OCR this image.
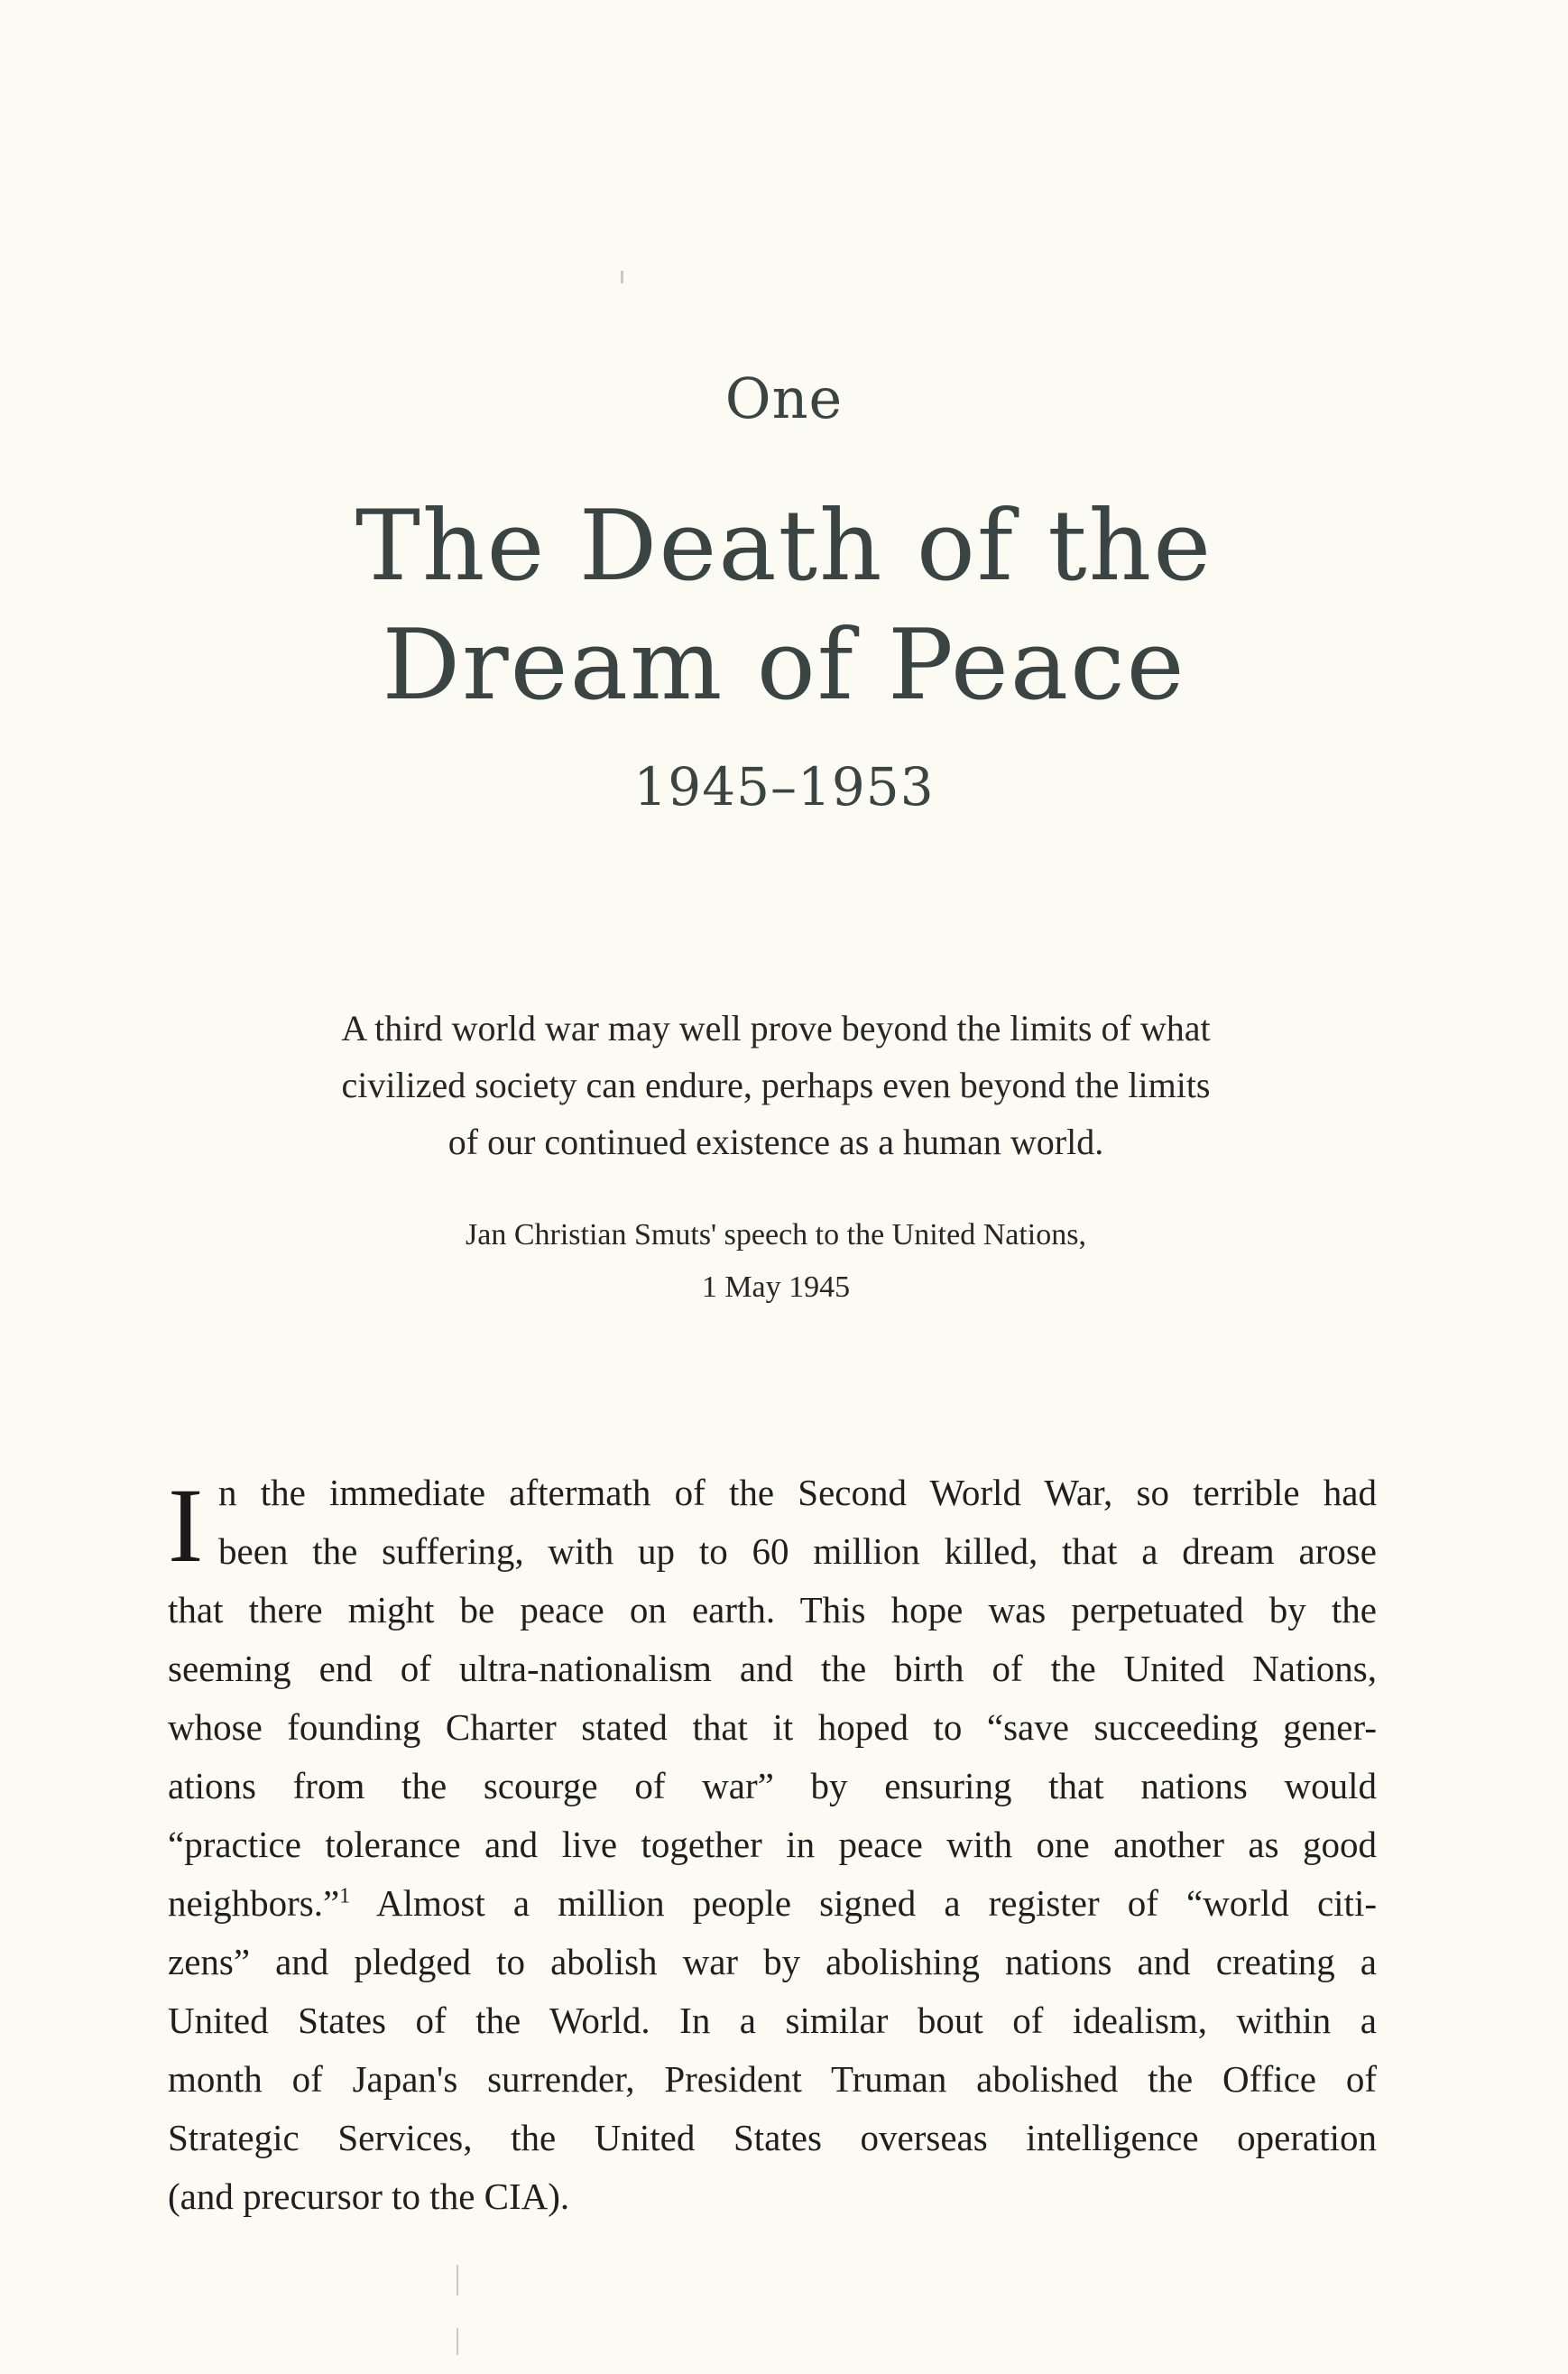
One
The Death of the
Dream of Peace
1945–1953
A third world war may well prove beyond the limits of what
civilized society can endure, perhaps even beyond the limits
of our continued existence as a human world.
Jan Christian Smuts' speech to the United Nations,
1 May 1945
I n the immediate aftermath of the Second World War, so terrible had
been the suffering, with up to 60 million killed, that a dream arose
that there might be peace on earth. This hope was perpetuated by the
seeming end of ultra-nationalism and the birth of the United Nations,
whose founding Charter stated that it hoped to “save succeeding gener-
ations from the scourge of war” by ensuring that nations would
“practice tolerance and live together in peace with one another as good
neighbors.”$^1$ Almost a million people signed a register of “world citi-
zens” and pledged to abolish war by abolishing nations and creating a
United States of the World. In a similar bout of idealism, within a
month of Japan's surrender, President Truman abolished the Office of
Strategic Services, the United States overseas intelligence operation
(and precursor to the CIA).
